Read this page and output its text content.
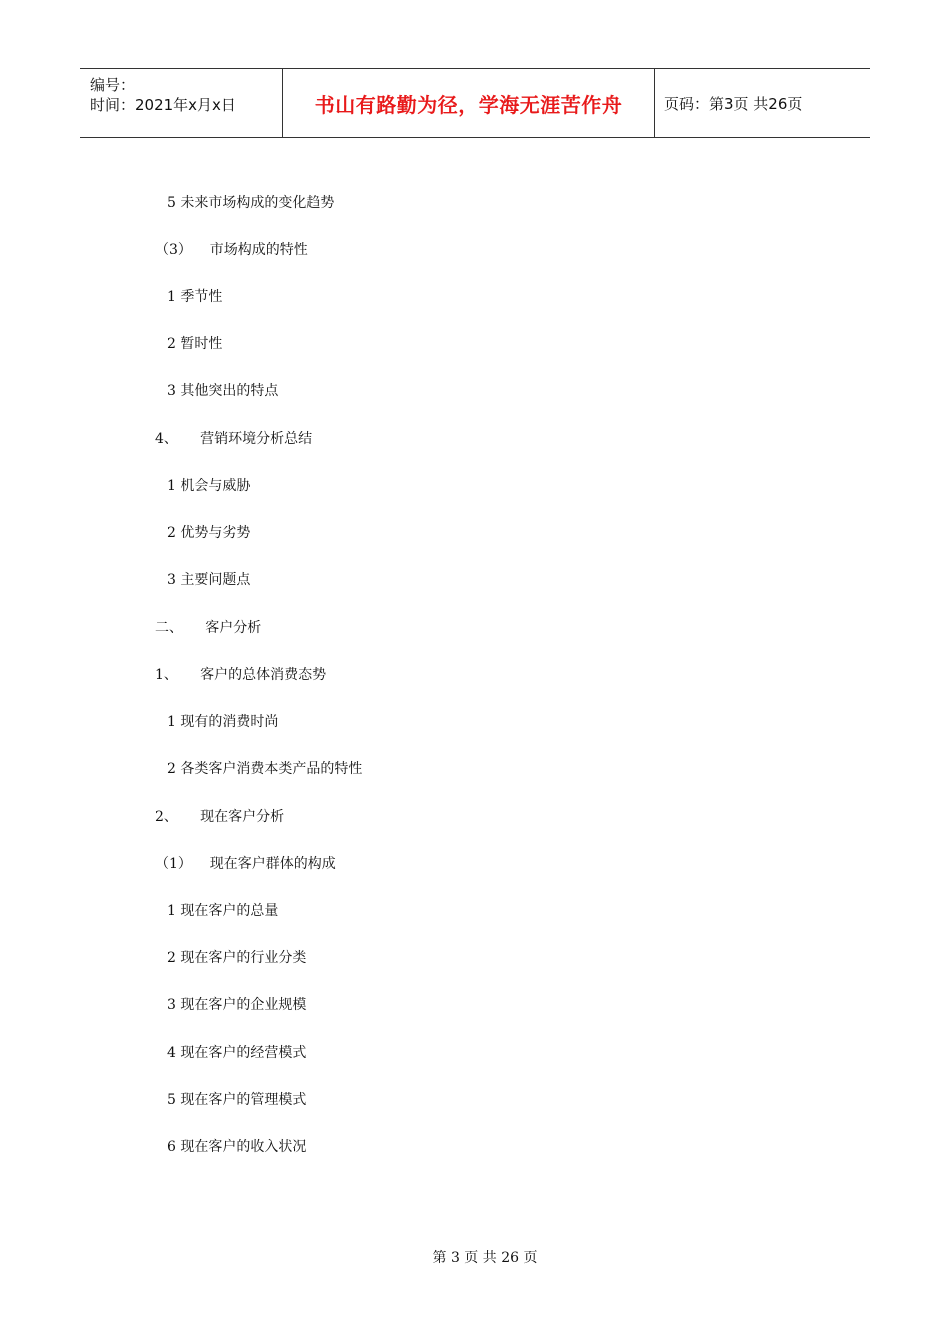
编号：
时间：2021年x月x日	书山有路勤为径，学海无涯苦作舟	页码：第3页 共26页
5 未来市场构成的变化趋势
（3）    市场构成的特性
1 季节性
2 暂时性
3 其他突出的特点
4、     营销环境分析总结
1 机会与威胁
2 优势与劣势
3 主要问题点
二、     客户分析
1、     客户的总体消费态势
1 现有的消费时尚
2 各类客户消费本类产品的特性
2、     现在客户分析
（1）    现在客户群体的构成
1 现在客户的总量
2 现在客户的行业分类
3 现在客户的企业规模
4 现在客户的经营模式
5 现在客户的管理模式
6 现在客户的收入状况
第 3 页 共 26 页
